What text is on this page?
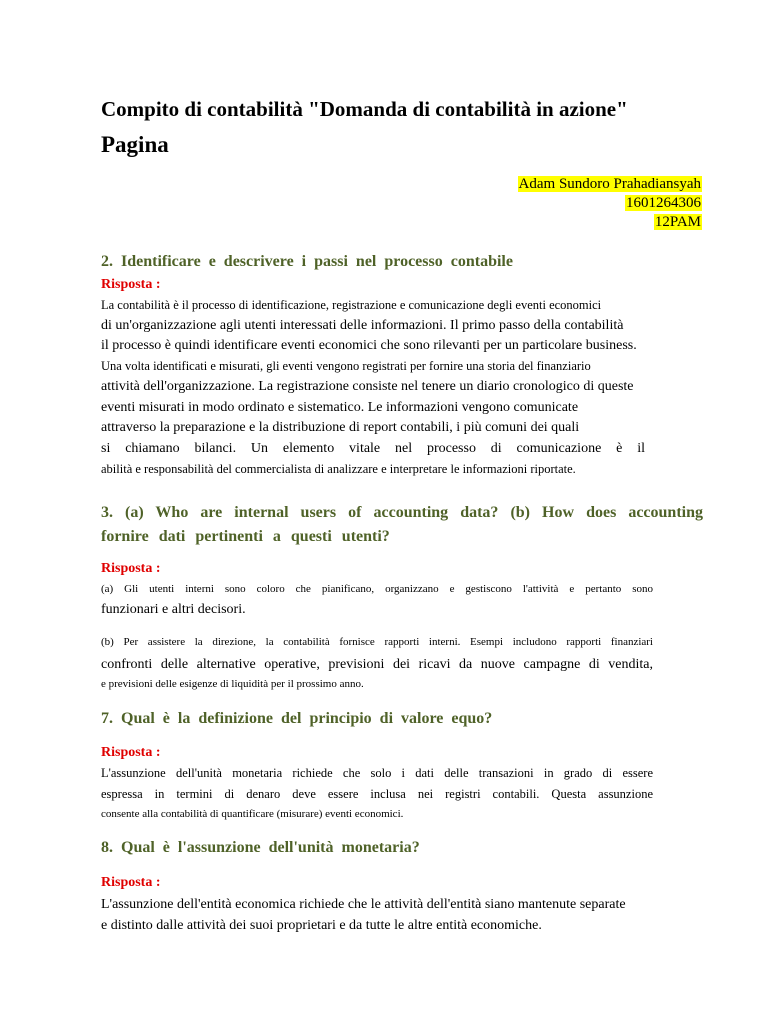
Compito di contabilità "Domanda di contabilità in azione"
Pagina
Adam Sundoro Prahadiansyah
1601264306
12PAM
2. Identificare e descrivere i passi nel processo contabile
Risposta :
La contabilità è il processo di identificazione, registrazione e comunicazione degli eventi economici
di un'organizzazione agli utenti interessati delle informazioni. Il primo passo della contabilità
il processo è quindi identificare eventi economici che sono rilevanti per un particolare business.
Una volta identificati e misurati, gli eventi vengono registrati per fornire una storia del finanziario
attività dell'organizzazione. La registrazione consiste nel tenere un diario cronologico di queste
eventi misurati in modo ordinato e sistematico. Le informazioni vengono comunicate
attraverso la preparazione e la distribuzione di report contabili, i più comuni dei quali
si chiamano bilanci. Un elemento vitale nel processo di comunicazione è il
abilità e responsabilità del commercialista di analizzare e interpretare le informazioni riportate.
3. (a) Who are internal users of accounting data? (b) How does accounting fornire dati pertinenti a questi utenti?
Risposta :
(a) Gli utenti interni sono coloro che pianificano, organizzano e gestiscono l'attività e pertanto sono
funzionari e altri decisori.
(b) Per assistere la direzione, la contabilità fornisce rapporti interni. Esempi includono rapporti finanziari
confronti delle alternative operative, previsioni dei ricavi da nuove campagne di vendita,
e previsioni delle esigenze di liquidità per il prossimo anno.
7. Qual è la definizione del principio di valore equo?
Risposta :
L'assunzione dell'unità monetaria richiede che solo i dati delle transazioni in grado di essere
espressa in termini di denaro deve essere inclusa nei registri contabili. Questa assunzione
consente alla contabilità di quantificare (misurare) eventi economici.
8. Qual è l'assunzione dell'unità monetaria?
Risposta :
L'assunzione dell'entità economica richiede che le attività dell'entità siano mantenute separate
e distinto dalle attività dei suoi proprietari e da tutte le altre entità economiche.
